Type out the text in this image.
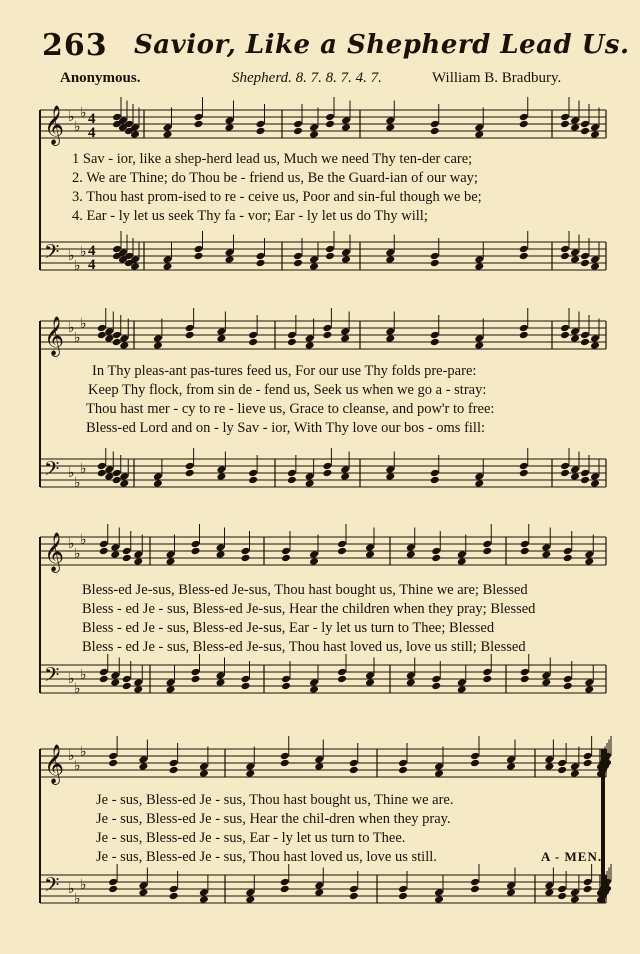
263 Savior, Like a Shepherd Lead Us.
Anonymous.	Shepherd. 8. 7. 8. 7. 4. 7.	William B. Bradbury.
𝄞 ♭
♭
♭ 4
4
𝄢 ♭
♭
♭ 4
4
1 Sav - ior, like a shep-herd lead us, Much we need Thy ten-der care;
2. We are Thine; do Thou be - friend us, Be the Guard-ian of our way;
3. Thou hast prom-ised to re - ceive us, Poor and sin-ful though we be;
4. Ear - ly let us seek Thy fa - vor; Ear - ly let us do Thy will;
𝄞 ♭
♭
♭
𝄢 ♭
♭
♭
In Thy pleas-ant pas-tures feed us, For our use Thy folds pre-pare:
Keep Thy flock, from sin de - fend us, Seek us when we go a - stray:
Thou hast mer - cy to re - lieve us, Grace to cleanse, and pow'r to free:
Bless-ed Lord and on - ly Sav - ior, With Thy love our bos - oms fill:
𝄞 ♭
♭
♭
𝄢 ♭
♭
♭
Bless-ed Je-sus, Bless-ed Je-sus, Thou hast bought us, Thine we are; Blessed
Bless - ed Je - sus, Bless-ed Je-sus, Hear the children when they pray; Blessed
Bless - ed Je - sus, Bless-ed Je-sus, Ear - ly let us turn to Thee; Blessed
Bless - ed Je - sus, Bless-ed Je-sus, Thou hast loved us, love us still; Blessed
𝄞 ♭
♭
♭
𝄢 ♭
♭
♭
Je - sus, Bless-ed Je - sus, Thou hast bought us, Thine we are.
Je - sus, Bless-ed Je - sus, Hear the chil-dren when they pray.
Je - sus, Bless-ed Je - sus, Ear - ly let us turn to Thee.
Je - sus, Bless-ed Je - sus, Thou hast loved us, love us still.	A - MEN.
